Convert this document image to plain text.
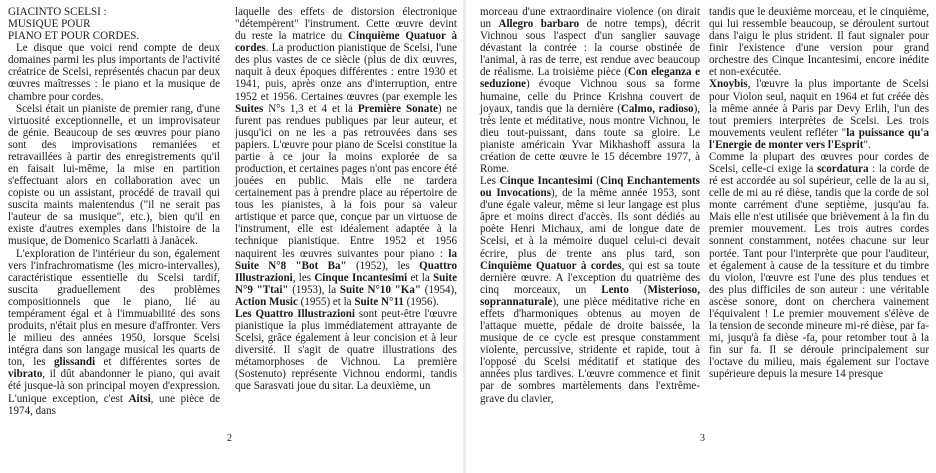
GIACINTO SCELSI :
MUSIQUE POUR
PIANO ET POUR CORDES.

Le disque que voici rend compte de deux domaines parmi les plus importants de l'activité créatrice de Scelsi, représentés chacun par deux œuvres maîtresses : le piano et la musique de chambre pour cordes.

Scelsi était un pianiste de premier rang, d'une virtuosité exceptionnelle, et un improvisateur de génie. Beaucoup de ses œuvres pour piano sont des improvisations remaniées et retravaillées à partir des enregistrements qu'il en faisait lui-même, la mise en partition s'effectuant alors en collaboration avec un copiste ou un assistant, procédé de travail qui suscita maints malentendus ("il ne serait pas l'auteur de sa musique", etc.), bien qu'il en existe d'autres exemples dans l'histoire de la musique, de Domenico Scarlatti à Janàcek.

L'exploration de l'intérieur du son, également vers l'infrachromatisme (les micro-intervalles), caractéristique essentielle du Scelsi tardif, suscita graduellement des problèmes compositionnels que le piano, lié au tempérament égal et à l'immuabilité des sons produits, n'était plus en mesure d'affronter. Vers le milieu des années 1950, lorsque Scelsi intégra dans son langage musical les quarts de ton, les glissandi et différentes sortes de vibrato, il dût abandonner le piano, qui avait été jusque-là son principal moyen d'expression. L'unique exception, c'est Aitsi, une pièce de 1974, dans

laquelle des effets de distorsion électronique "détempèrent" l'instrument. Cette œuvre devint du reste la matrice du Cinquième Quatuor à cordes. La production pianistique de Scelsi, l'une des plus vastes de ce siècle (plus de dix œuvres, naquit à deux époques différentes : entre 1930 et 1941, puis, après onze ans d'interruption, entre 1952 et 1956. Certaines œuvres (par exemple les Suites N°s 1,3 et 4 et la Première Sonate) ne furent pas rendues publiques par leur auteur, et jusqu'ici on ne les a pas retrouvées dans ses papiers. L'œuvre pour piano de Scelsi constitue la partie à ce jour la moins explorée de sa production, et certaines pages n'ont pas encore été jouées en public. Mais elle ne tardera certainement pas à prendre place au répertoire de tous les pianistes, à la fois pour sa valeur artistique et parce que, conçue par un virtuose de l'instrument, elle est idéalement adaptée à la technique pianistique. Entre 1952 et 1956 naquirent les œuvres suivantes pour piano : la Suite N°8 "Bot Ba" (1952), les Quattro Illustrazioni, les Cinque Incantesimi et la Suite N°9 "Ttai" (1953), la Suite N°10 "Ka" (1954), Action Music (1955) et la Suite N°11 (1956).

Les Quattro Illustrazioni sont peut-être l'œuvre pianistique la plus immédiatement attrayante de Scelsi, grâce également à leur concision et à leur diversité. Il s'agit de quatre illustrations des métamorphoses de Vichnou. La première (Sostenuto) représente Vichnou endormi, tandis que Sarasvati joue du sitar. La deuxième, un

2

morceau d'une extraordinaire violence (on dirait un Allegro barbaro de notre temps), décrit Vichnou sous l'aspect d'un sanglier sauvage dévastant la contrée : la course obstinée de l'animal, à ras de terre, est rendue avec beaucoup de réalisme. La troisième pièce (Con eleganza e seduzione) évoque Vichnou sous sa forme humaine, celle du Prince Krishna couvert de joyaux, tandis que la dernière (Calmo, radioso), très lente et méditative, nous montre Vichnou, le dieu tout-puissant, dans toute sa gloire. Le pianiste américain Yvar Mikhashoff assura la création de cette œuvre le 15 décembre 1977, à Rome.

Les Cinque Incantesimi (Cinq Enchantements ou Invocations), de la même année 1953, sont d'une égale valeur, même si leur langage est plus âpre et moins direct d'accès. Ils sont dédiés au poète Henri Michaux, ami de longue date de Scelsi, et à la mémoire duquel celui-ci devait écrire, plus de trente ans plus tard, son Cinquième Quatuor à cordes, qui est sa toute dernière œuvre. A l'exception du quatrième des cinq morceaux, un Lento (Misterioso, soprannaturale), une pièce méditative riche en effets d'harmoniques obtenus au moyen de l'attaque muette, pédale de droite baissée, la musique de ce cycle est presque constamment violente, percussive, stridente et rapide, tout à l'opposé du Scelsi méditatif et statique des années plus tardives. L'œuvre commence et finit par de sombres martèlements dans l'extrême-grave du clavier,

tandis que le deuxième morceau, et le cinquième, qui lui ressemble beaucoup, se déroulent surtout dans l'aigu le plus strident. Il faut signaler pour finir l'existence d'une version pour grand orchestre des Cinque Incantesimi, encore inédite et non-exécutée.

Xnoybis, l'œuvre la plus importante de Scelsi pour Violon seul, naquit en 1964 et fut créée dès la même année à Paris par Devy Erlih, l'un des tout premiers interprètes de Scelsi. Les trois mouvements veulent refléter "la puissance qu'a l'Energie de monter vers l'Esprit".

Comme la plupart des œuvres pour cordes de Scelsi, celle-ci exige la scordatura : la corde de ré est accordée au sol supérieur, celle de la au si, celle de mi au ré dièse, tandis que la corde de sol monte carrément d'une septième, jusqu'au fa. Mais elle n'est utilisée que brièvement à la fin du premier mouvement. Les trois autres cordes sonnent constamment, notées chacune sur leur portée. Tant pour l'interprète que pour l'auditeur, et également à cause de la tessiture et du timbre du violon, l'œuvre est l'une des plus tendues et des plus difficiles de son auteur : une véritable ascèse sonore, dont on cherchera vainement l'équivalent ! Le premier mouvement s'élève de la tension de seconde mineure mi-ré dièse, par fa-mi, jusqu'à fa dièse -fa, pour retomber tout à la fin sur fa. Il se déroule principalement sur l'octave du milieu, mais également sur l'octave supérieure depuis la mesure 14 presque

3
